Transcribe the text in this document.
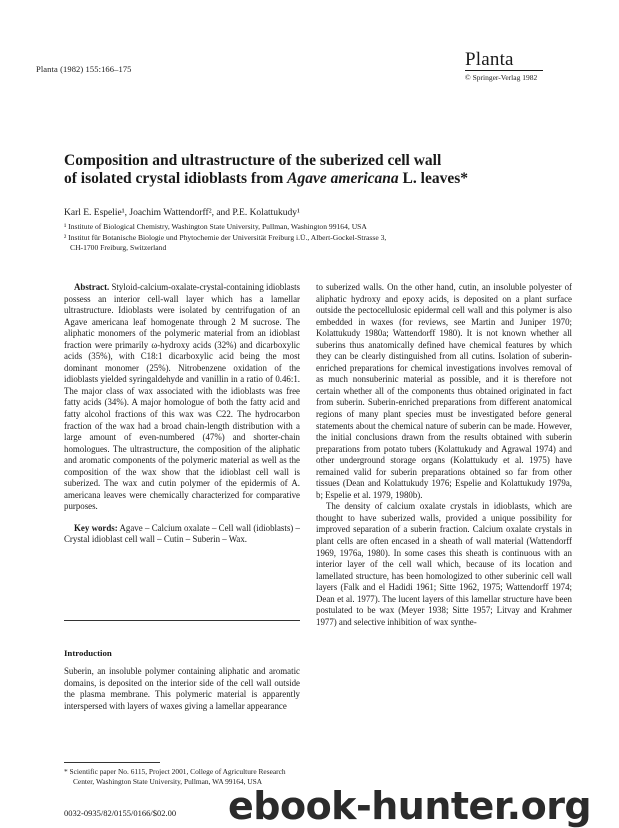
Planta (1982) 155:166–175	Planta
© Springer-Verlag 1982
Composition and ultrastructure of the suberized cell wall
of isolated crystal idioblasts from Agave americana L. leaves*
Karl E. Espelie¹, Joachim Wattendorff², and P.E. Kolattukudy¹
¹ Institute of Biological Chemistry, Washington State University, Pullman, Washington 99164, USA
² Institut für Botanische Biologie und Phytochemie der Universität Freiburg i.Ü., Albert-Gockel-Strasse 3,
CH-1700 Freiburg, Switzerland

Abstract. Styloid-calcium-oxalate-crystal-containing idioblasts possess an interior cell-wall layer which has a lamellar ultrastructure. Idioblasts were isolated by centrifugation of an Agave americana leaf homogenate through 2 M sucrose. The aliphatic monomers of the polymeric material from an idioblast fraction were primarily ω-hydroxy acids (32%) and dicarboxylic acids (35%), with C18:1 dicarboxylic acid being the most dominant monomer (25%). Nitrobenzene oxidation of the idioblasts yielded syringaldehyde and vanillin in a ratio of 0.46:1. The major class of wax associated with the idioblasts was free fatty acids (34%). A major homologue of both the fatty acid and fatty alcohol fractions of this wax was C22. The hydrocarbon fraction of the wax had a broad chain-length distribution with a large amount of even-numbered (47%) and shorter-chain homologues. The ultrastructure, the composition of the aliphatic and aromatic components of the polymeric material as well as the composition of the wax show that the idioblast cell wall is suberized. The wax and cutin polymer of the epidermis of A. americana leaves were chemically characterized for comparative purposes.

Key words: Agave – Calcium oxalate – Cell wall (idioblasts) – Crystal idioblast cell wall – Cutin – Suberin – Wax.

Introduction

Suberin, an insoluble polymer containing aliphatic and aromatic domains, is deposited on the interior side of the cell wall outside the plasma membrane. This polymeric material is apparently interspersed with layers of waxes giving a lamellar appearance

* Scientific paper No. 6115, Project 2001, College of Agriculture Research Center, Washington State University, Pullman, WA 99164, USA
0032-0935/82/0155/0166/$02.00

to suberized walls. On the other hand, cutin, an insoluble polyester of aliphatic hydroxy and epoxy acids, is deposited on a plant surface outside the pectocellulosic epidermal cell wall and this polymer is also embedded in waxes (for reviews, see Martin and Juniper 1970; Kolattukudy 1980a; Wattendorff 1980). It is not known whether all suberins thus anatomically defined have chemical features by which they can be clearly distinguished from all cutins. Isolation of suberin-enriched preparations for chemical investigations involves removal of as much nonsuberinic material as possible, and it is therefore not certain whether all of the components thus obtained originated in fact from suberin. Suberin-enriched preparations from different anatomical regions of many plant species must be investigated before general statements about the chemical nature of suberin can be made. However, the initial conclusions drawn from the results obtained with suberin preparations from potato tubers (Kolattukudy and Agrawal 1974) and other underground storage organs (Kolattukudy et al. 1975) have remained valid for suberin preparations obtained so far from other tissues (Dean and Kolattukudy 1976; Espelie and Kolattukudy 1979a, b; Espelie et al. 1979, 1980b).

The density of calcium oxalate crystals in idioblasts, which are thought to have suberized walls, provided a unique possibility for improved separation of a suberin fraction. Calcium oxalate crystals in plant cells are often encased in a sheath of wall material (Wattendorff 1969, 1976a, 1980). In some cases this sheath is continuous with an interior layer of the cell wall which, because of its location and lamellated structure, has been homologized to other suberinic cell wall layers (Falk and el Hadidi 1961; Sitte 1962, 1975; Wattendorff 1974; Dean et al. 1977). The lucent layers of this lamellar structure have been postulated to be wax (Meyer 1938; Sitte 1957; Litvay and Krahmer 1977) and selective inhibition of wax synthe-

ebook-hunter.org
